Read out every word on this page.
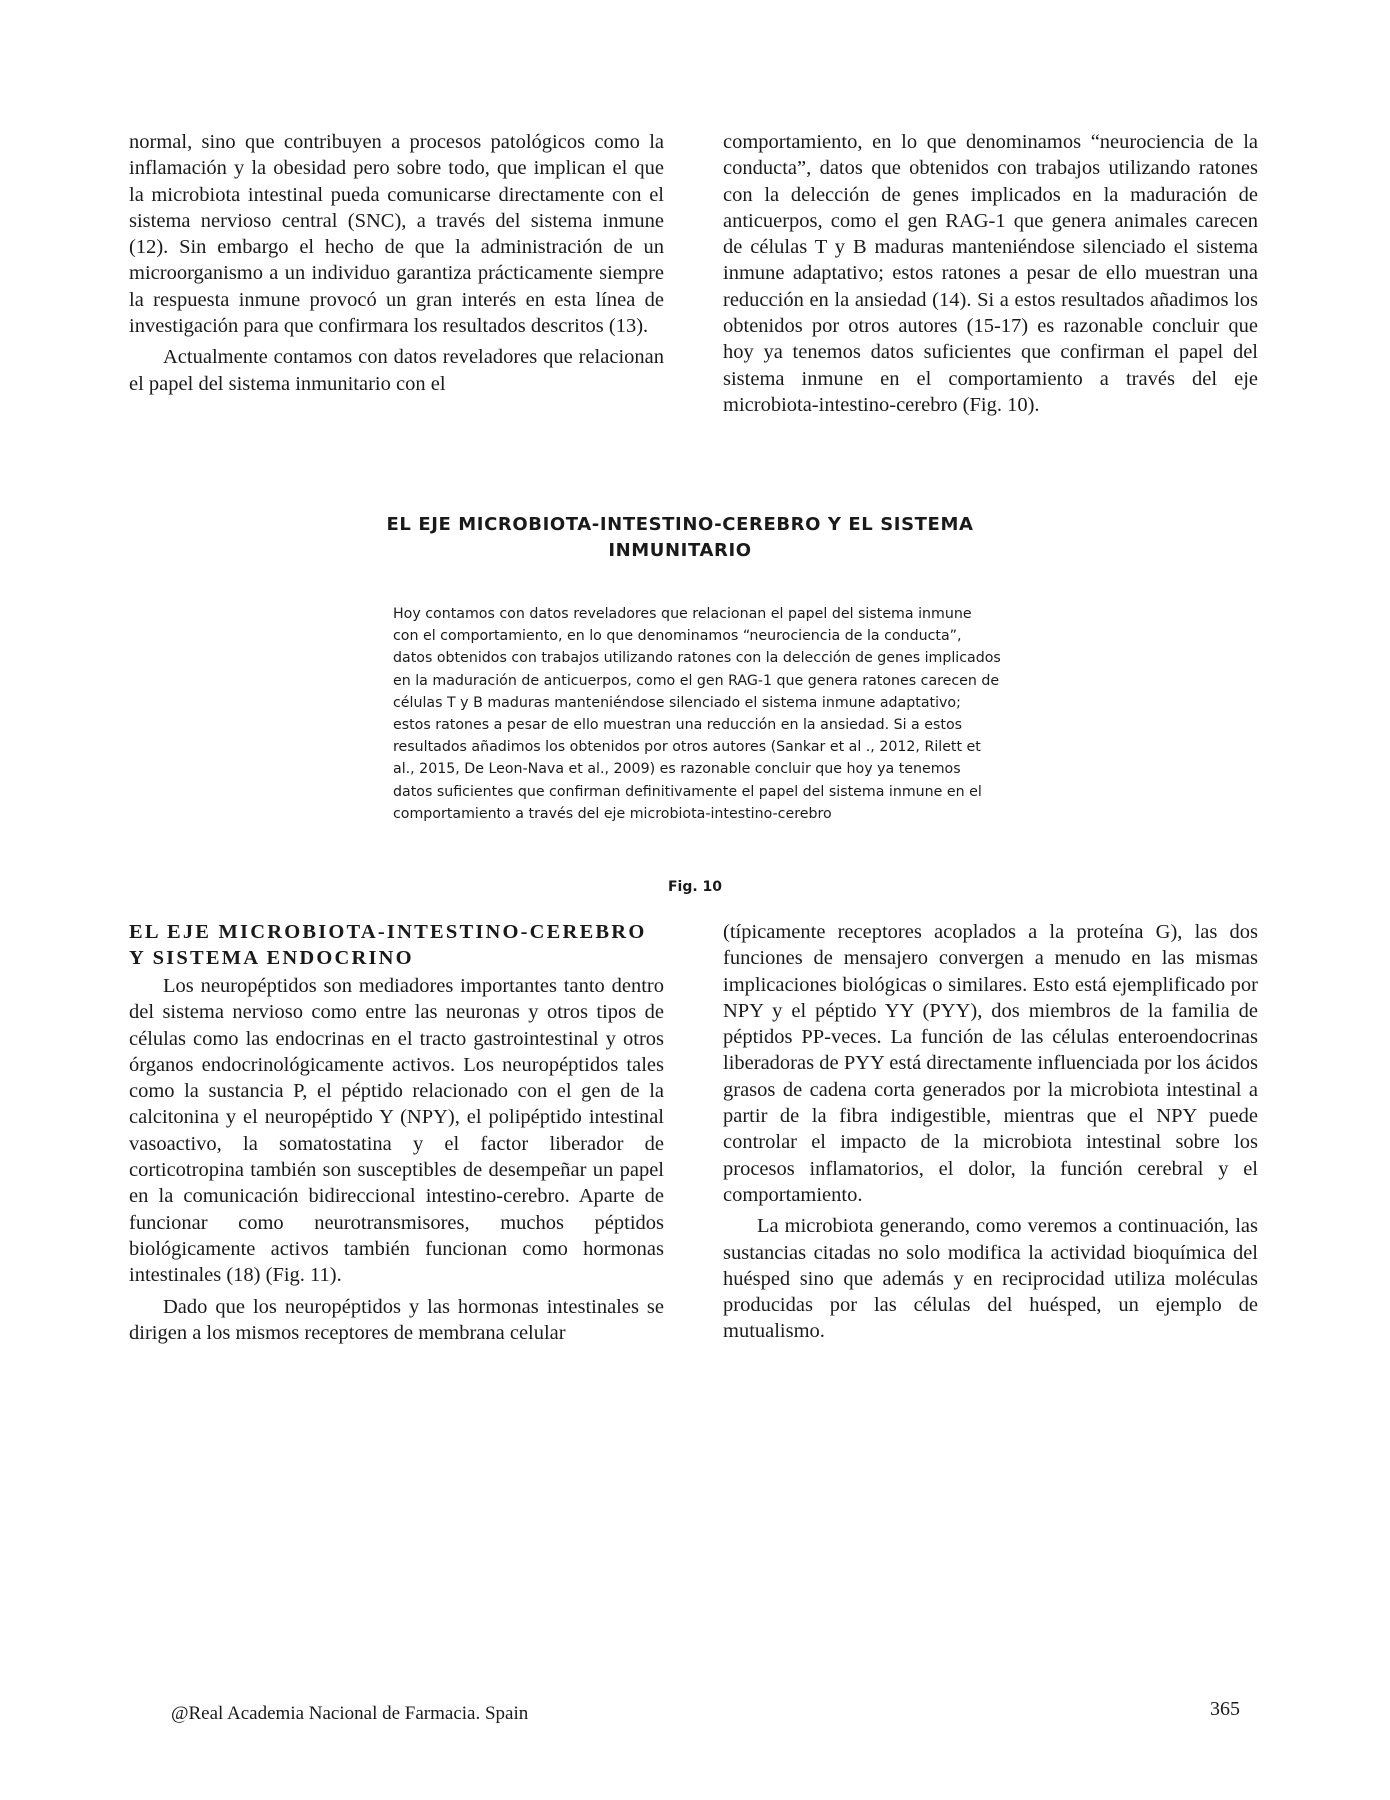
normal, sino que contribuyen a procesos patológicos como la inflamación y la obesidad pero sobre todo, que implican el que la microbiota intestinal pueda comunicarse directamente con el sistema nervioso central (SNC), a través del sistema inmune (12). Sin embargo el hecho de que la administración de un microorganismo a un individuo garantiza prácticamente siempre la respuesta inmune provocó un gran interés en esta línea de investigación para que confirmara los resultados descritos (13).

Actualmente contamos con datos reveladores que relacionan el papel del sistema inmunitario con el

comportamiento, en lo que denominamos “neurociencia de la conducta”, datos que obtenidos con trabajos utilizando ratones con la delección de genes implicados en la maduración de anticuerpos, como el gen RAG-1 que genera animales carecen de células T y B maduras manteniéndose silenciado el sistema inmune adaptativo; estos ratones a pesar de ello muestran una reducción en la ansiedad (14). Si a estos resultados añadimos los obtenidos por otros autores (15-17) es razonable concluir que hoy ya tenemos datos suficientes que confirman el papel del sistema inmune en el comportamiento a través del eje microbiota-intestino-cerebro (Fig. 10).

EL EJE MICROBIOTA-INTESTINO-CEREBRO Y EL SISTEMA INMUNITARIO

Hoy contamos con datos reveladores que relacionan el papel del sistema inmune con el comportamiento, en lo que denominamos “neurociencia de la conducta”, datos obtenidos con trabajos utilizando ratones con la delección de genes implicados en la maduración de anticuerpos, como el gen RAG-1 que genera ratones carecen de células T y B maduras manteniéndose silenciado el sistema inmune adaptativo; estos ratones a pesar de ello muestran una reducción en la ansiedad. Si a estos resultados añadimos los obtenidos por otros autores (Sankar et al ., 2012, Rilett et al., 2015, De Leon-Nava et al., 2009) es razonable concluir que hoy ya tenemos datos suficientes que confirman definitivamente el papel del sistema inmune en el comportamiento a través del eje microbiota-intestino-cerebro

Fig. 10
EL EJE MICROBIOTA-INTESTINO-CEREBRO Y SISTEMA ENDOCRINO

Los neuropéptidos son mediadores importantes tanto dentro del sistema nervioso como entre las neuronas y otros tipos de células como las endocrinas en el tracto gastrointestinal y otros órganos endocrinológicamente activos. Los neuropéptidos tales como la sustancia P, el péptido relacionado con el gen de la calcitonina y el neuropéptido Y (NPY), el polipéptido intestinal vasoactivo, la somatostatina y el factor liberador de corticotropina también son susceptibles de desempeñar un papel en la comunicación bidireccional intestino-cerebro. Aparte de funcionar como neurotransmisores, muchos péptidos biológicamente activos también funcionan como hormonas intestinales (18) (Fig. 11).

Dado que los neuropéptidos y las hormonas intestinales se dirigen a los mismos receptores de membrana celular

(típicamente receptores acoplados a la proteína G), las dos funciones de mensajero convergen a menudo en las mismas implicaciones biológicas o similares. Esto está ejemplificado por NPY y el péptido YY (PYY), dos miembros de la familia de péptidos PP-veces. La función de las células enteroendocrinas liberadoras de PYY está directamente influenciada por los ácidos grasos de cadena corta generados por la microbiota intestinal a partir de la fibra indigestible, mientras que el NPY puede controlar el impacto de la microbiota intestinal sobre los procesos inflamatorios, el dolor, la función cerebral y el comportamiento.

La microbiota generando, como veremos a continuación, las sustancias citadas no solo modifica la actividad bioquímica del huésped sino que además y en reciprocidad utiliza moléculas producidas por las células del huésped, un ejemplo de mutualismo.

@Real Academia Nacional de Farmacia. Spain	365
